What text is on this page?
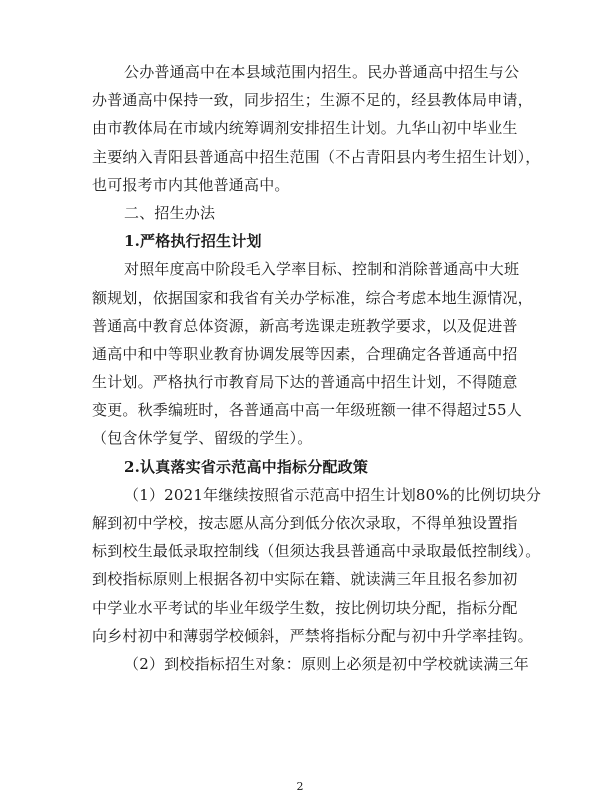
公办普通高中在本县域范围内招生。民办普通高中招生与公
办普通高中保持一致，同步招生；生源不足的，经县教体局申请，
由市教体局在市域内统筹调剂安排招生计划。九华山初中毕业生
主要纳入青阳县普通高中招生范围（不占青阳县内考生招生计划），
也可报考市内其他普通高中。
二、招生办法
1.严格执行招生计划
对照年度高中阶段毛入学率目标、控制和消除普通高中大班
额规划，依据国家和我省有关办学标准，综合考虑本地生源情况，
普通高中教育总体资源，新高考选课走班教学要求，以及促进普
通高中和中等职业教育协调发展等因素，合理确定各普通高中招
生计划。严格执行市教育局下达的普通高中招生计划，不得随意
变更。秋季编班时，各普通高中高一年级班额一律不得超过55人
（包含休学复学、留级的学生）。
2.认真落实省示范高中指标分配政策
（1）2021年继续按照省示范高中招生计划80%的比例切块分
解到初中学校，按志愿从高分到低分依次录取，不得单独设置指
标到校生最低录取控制线（但须达我县普通高中录取最低控制线）。
到校指标原则上根据各初中实际在籍、就读满三年且报名参加初
中学业水平考试的毕业年级学生数，按比例切块分配，指标分配
向乡村初中和薄弱学校倾斜，严禁将指标分配与初中升学率挂钩。
（2）到校指标招生对象：原则上必须是初中学校就读满三年
2
